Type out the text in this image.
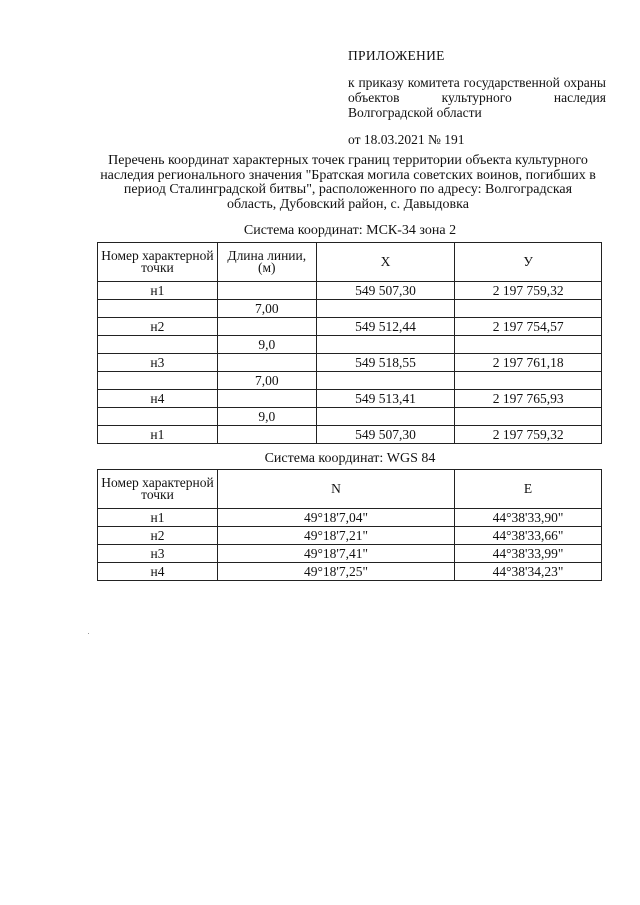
ПРИЛОЖЕНИЕ
к приказу комитета государственной охраны объектов культурного наследия Волгоградской области
от 18.03.2021 № 191
Перечень координат характерных точек границ территории объекта культурного наследия регионального значения "Братская могила советских воинов, погибших в период Сталинградской битвы", расположенного по адресу: Волгоградская область, Дубовский район, с. Давыдовка
Система координат: МСК-34 зона 2
Номер характерной точки	Длина линии, (м)	Х	У
н1		549 507,30	2 197 759,32
	7,00		
н2		549 512,44	2 197 754,57
	9,0		
н3		549 518,55	2 197 761,18
	7,00		
н4		549 513,41	2 197 765,93
	9,0		
н1		549 507,30	2 197 759,32
Система координат: WGS 84
Номер характерной точки	N	E
н1	49°18'7,04"	44°38'33,90"
н2	49°18'7,21"	44°38'33,66"
н3	49°18'7,41"	44°38'33,99"
н4	49°18'7,25"	44°38'34,23"
